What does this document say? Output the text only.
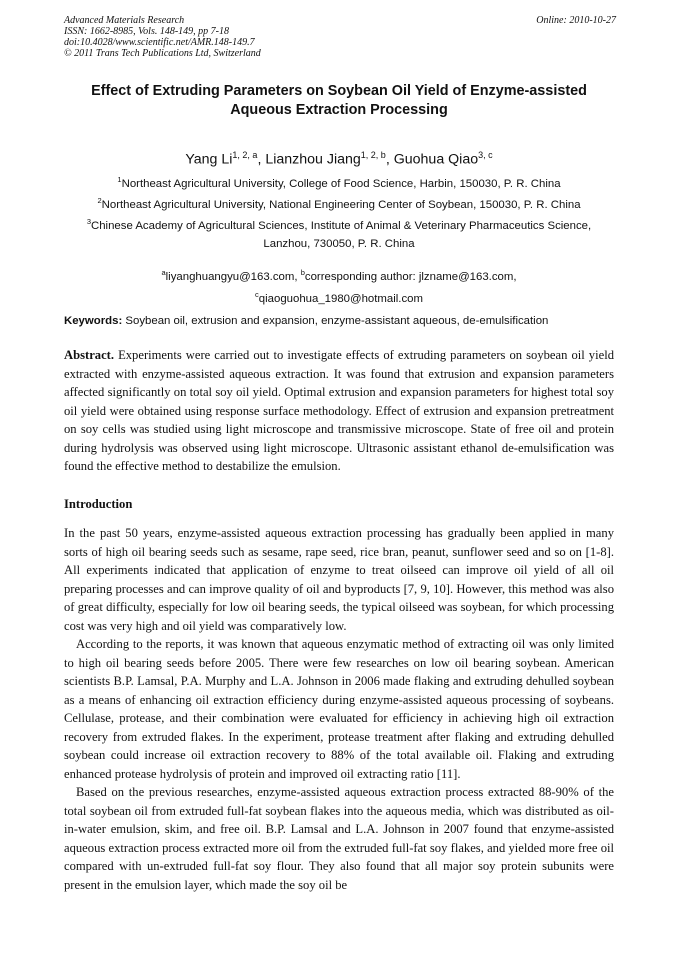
Advanced Materials Research
ISSN: 1662-8985, Vols. 148-149, pp 7-18
doi:10.4028/www.scientific.net/AMR.148-149.7
© 2011 Trans Tech Publications Ltd, Switzerland
Online: 2010-10-27
Effect of Extruding Parameters on Soybean Oil Yield of Enzyme-assisted
Aqueous Extraction Processing
Yang Li$^{1, 2, a}$, Lianzhou Jiang$^{1, 2, b}$, Guohua Qiao$^{3, c}$
$^1$Northeast Agricultural University, College of Food Science, Harbin, 150030, P. R. China
$^2$Northeast Agricultural University, National Engineering Center of Soybean, 150030, P. R. China
$^3$Chinese Academy of Agricultural Sciences, Institute of Animal & Veterinary Pharmaceutics Science,
Lanzhou, 730050, P. R. China
$^a$liyanghuangyu@163.com, $^b$corresponding author: jlzname@163.com,
$^c$qiaoguohua_1980@hotmail.com
Keywords: Soybean oil, extrusion and expansion, enzyme-assistant aqueous, de-emulsification
Abstract. Experiments were carried out to investigate effects of extruding parameters on soybean oil yield extracted with enzyme-assisted aqueous extraction. It was found that extrusion and expansion parameters affected significantly on total soy oil yield. Optimal extrusion and expansion parameters for highest total soy oil yield were obtained using response surface methodology. Effect of extrusion and expansion pretreatment on soy cells was studied using light microscope and transmissive microscope. State of free oil and protein during hydrolysis was observed using light microscope. Ultrasonic assistant ethanol de-emulsification was found the effective method to destabilize the emulsion.
Introduction

In the past 50 years, enzyme-assisted aqueous extraction processing has gradually been applied in many sorts of high oil bearing seeds such as sesame, rape seed, rice bran, peanut, sunflower seed and so on [1-8]. All experiments indicated that application of enzyme to treat oilseed can improve oil yield of all oil preparing processes and can improve quality of oil and byproducts [7, 9, 10]. However, this method was also of great difficulty, especially for low oil bearing seeds, the typical oilseed was soybean, for which processing cost was very high and oil yield was comparatively low.

According to the reports, it was known that aqueous enzymatic method of extracting oil was only limited to high oil bearing seeds before 2005. There were few researches on low oil bearing soybean. American scientists B.P. Lamsal, P.A. Murphy and L.A. Johnson in 2006 made flaking and extruding dehulled soybean as a means of enhancing oil extraction efficiency during enzyme-assisted aqueous processing of soybeans. Cellulase, protease, and their combination were evaluated for efficiency in achieving high oil extraction recovery from extruded flakes. In the experiment, protease treatment after flaking and extruding dehulled soybean could increase oil extraction recovery to 88% of the total available oil. Flaking and extruding enhanced protease hydrolysis of protein and improved oil extracting ratio [11].

Based on the previous researches, enzyme-assisted aqueous extraction process extracted 88-90% of the total soybean oil from extruded full-fat soybean flakes into the aqueous media, which was distributed as oil-in-water emulsion, skim, and free oil. B.P. Lamsal and L.A. Johnson in 2007 found that enzyme-assisted aqueous extraction process extracted more oil from the extruded full-fat soy flakes, and yielded more free oil compared with un-extruded full-fat soy flour. They also found that all major soy protein subunits were present in the emulsion layer, which made the soy oil be
